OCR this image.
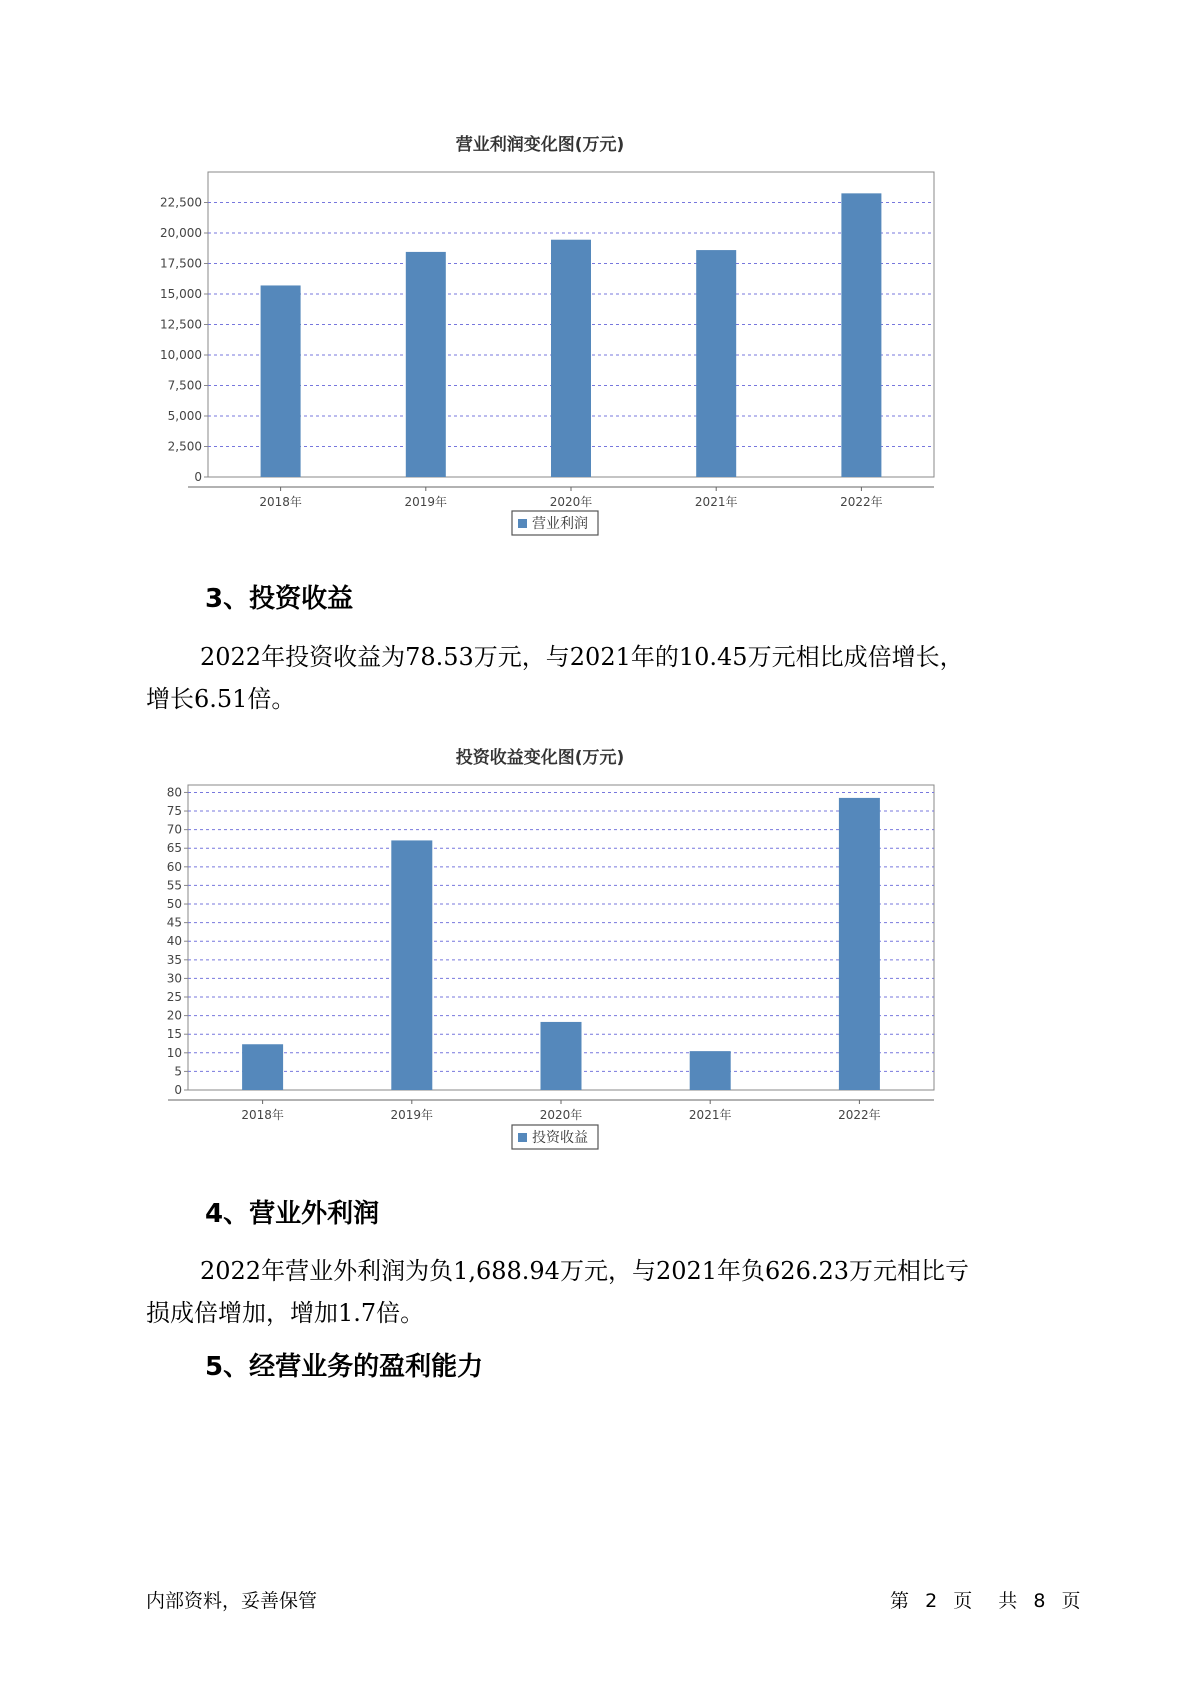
营业利润变化图(万元)
0
2,500
5,000
7,500
10,000
12,500
15,000
17,500
20,000
22,500
2018年	2019年	2020年	2021年	2022年
营业利润
3、投资收益

2022年投资收益为78.53万元，与2021年的10.45万元相比成倍增长，
增长6.51倍。

投资收益变化图(万元)
0
5
10
15
20
25
30
35
40
45
50
55
60
65
70
75
80
2018年	2019年	2020年	2021年	2022年
投资收益
4、营业外利润

2022年营业外利润为负1,688.94万元，与2021年负626.23万元相比亏
损成倍增加，增加1.7倍。

5、经营业务的盈利能力
内部资料，妥善保管	第 2 页 共 8 页
